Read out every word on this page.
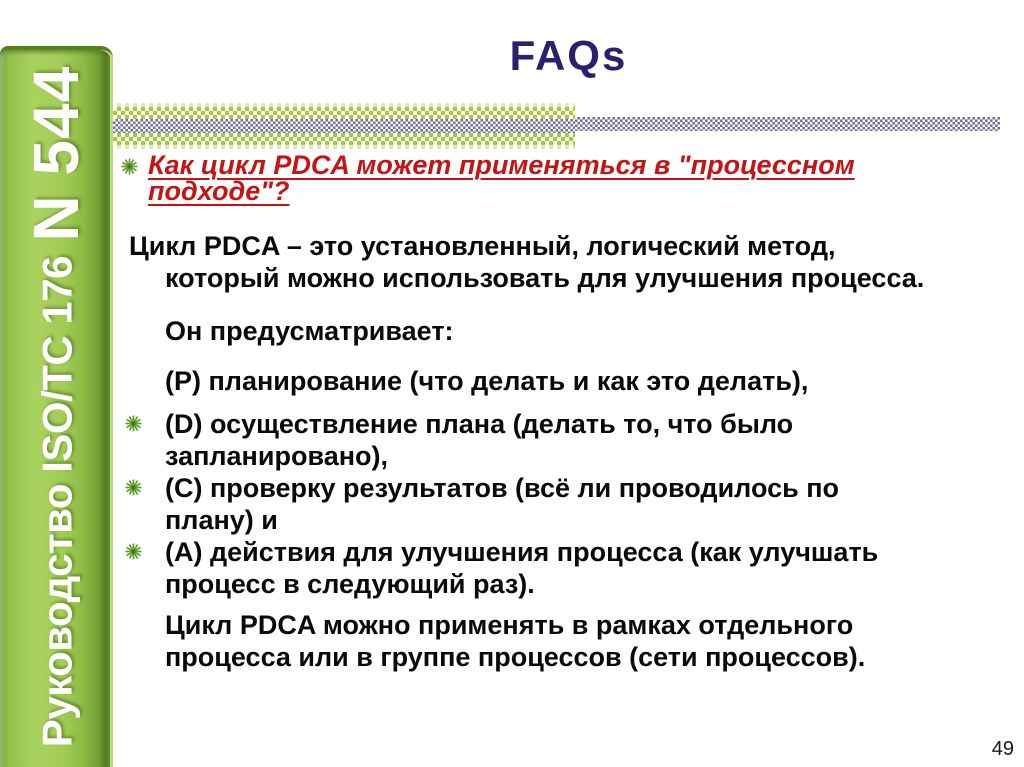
Руководство ISO/TC 176 N 544
FAQs
Как цикл PDCA может применяться в "процессном
подходе"?
Цикл PDCA – это установленный, логический метод,
который можно использовать для улучшения процесса.
Он предусматривает:
(P) планирование (что делать и как это делать),
(D) осуществление плана (делать то, что было
запланировано),
(C) проверку результатов (всё ли проводилось по
плану) и
(A) действия для улучшения процесса (как улучшать
процесс в следующий раз).
Цикл PDCA можно применять в рамках отдельного
процесса или в группе процессов (сети процессов).
49
